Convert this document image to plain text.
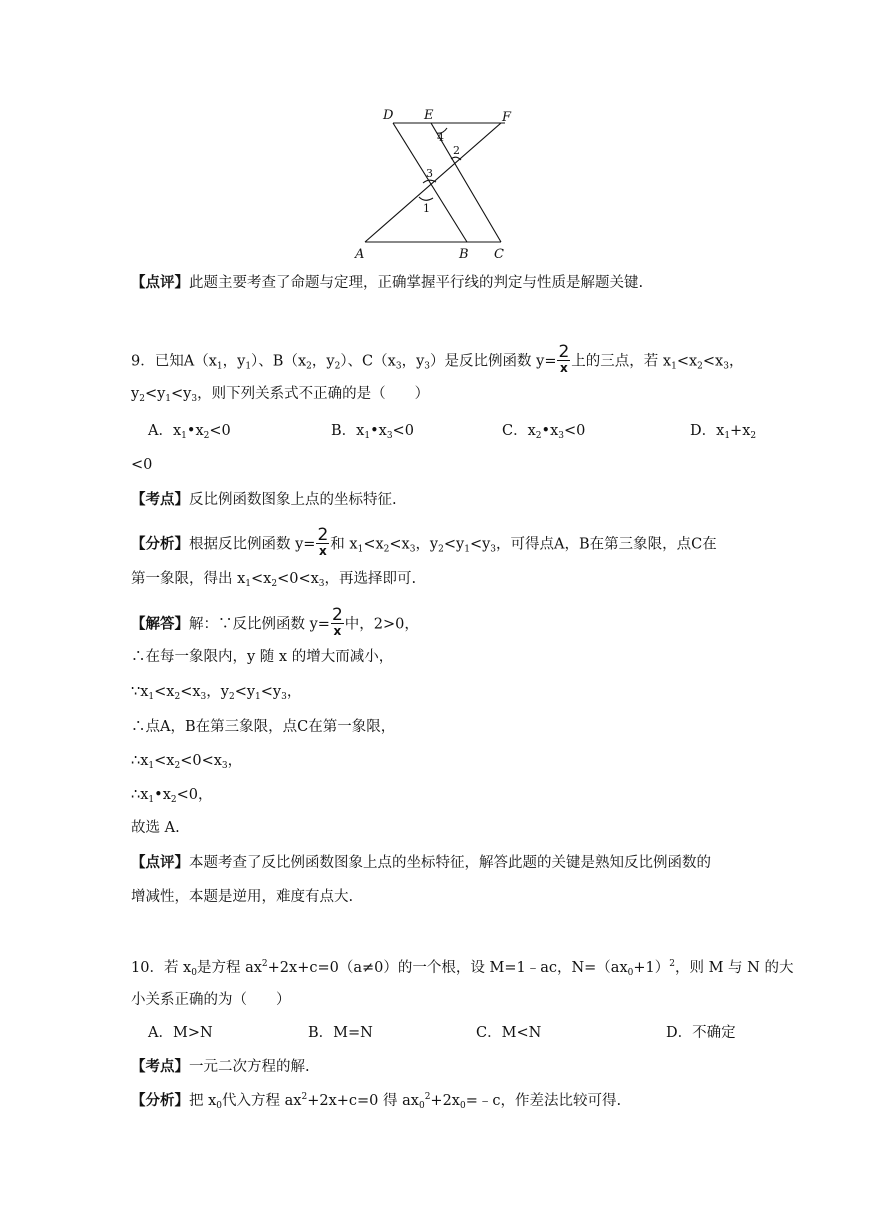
D E	F
A	B C
4
2
3
1
【点评】此题主要考查了命题与定理，正确掌握平行线的判定与性质是解题关键.
9．已知$A(x_1$，$y_1$）、$B(x_2$，$y_2$）、$C(x_3$，$y_3$）是反比例函数 $y= \frac{2}{x}$ 上的三点，若 $x_1<x_2<x_3$，
$y_2<y_1<y_3$，则下列关系式不正确的是（　　）
A．$x_1•x_2<0$	B．$x_1•x_3<0$	C．$x_2•x_3<0$	D．$x_1+x_2$
<0
【考点】反比例函数图象上点的坐标特征.
【分析】根据反比例函数 $y= \frac{2}{x}$ 和 $x_1<x_2<x_3$，$y_2<y_1<y_3$，可得点A，B在第三象限，点C在
第一象限，得出 $x_1<x_2<0<x_3$，再选择即可.
【解答】解：∵反比例函数 $y= \frac{2}{x}$ 中，2>0，
∴在每一象限内，y 随 x 的增大而减小，
$\because x_1<x_2<x_3$，$y_2<y_1<y_3$，
∴点A，B在第三象限，点C在第一象限，
$\therefore x_1<x_2<0<x_3$，
$\therefore x_1•x_2<0$，
故选 A.
【点评】本题考查了反比例函数图象上点的坐标特征，解答此题的关键是熟知反比例函数的
增减性，本题是逆用，难度有点大.
10．若 $x_0$是方程 $ax^2+2x+c=0(a\ne 0)$的一个根，设 M=1﹣ac，$N=(ax_0+1)^2$，则 M 与 N 的大
小关系正确的为（　　）
A．M>N	B．M=N	C．M<N	D．不确定
【考点】一元二次方程的解.
【分析】把 $x_0$代入方程 $ax^2+2x+c=0$ 得 $ax_0^2+2x_0=﹣c$，作差法比较可得.
